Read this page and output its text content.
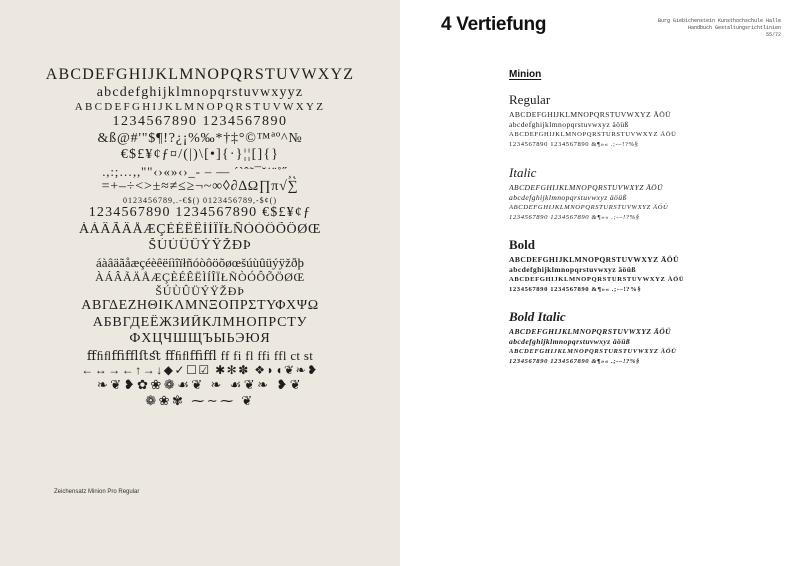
ABCDEFGHIJKLMNOPQRSTUVWXYZ
abcdefghijklmnopqrstuvwxyyz
ABCDEFGHIJKLMNOPQRSTUVWXYZ
1234567890 1234567890
&ß@#'"$¶!?¿¡%‰*†‡°©™ªº^№
€$£¥¢ƒ¤/(|)\[•]{·}¦¦[]{}
.,:;…,,""‹›«»‹›_- – — ´`ˆ˜¯˘˙¨˚˝¸˛
=+–÷<>±≈≠≤≥¬~∞◊∂∆Ω∏π√∑
0123456789,.-€$() 0123456789,-$¢()
1234567890 1234567890 €$£¥¢ƒ
ÀÁÂÃÄÅÆÇÈÉÊËÌÍÎÏŁÑÒÓÔÕÖØŒ
ŠÚÙÛÜÝŸŽÐÞ
áàâäãåæçéèêëíìîïłñóòôöõøœšúùûüýÿžðþ
ÀÁÂÃÄÅÆÇÈÉÊËÌÍÎÏŁÑÒÓÔÕÖØŒ
ŠÚÙÛÜÝŸŽÐÞ
ΑΒΓΔΕΖΗΘΙΚΛΜΝΞΟΠΡΣΤΥΦΧΨΩ
АБВГДЕЁЖЗИЙКЛМНОПРСТУ
ФХЦЧШЩЪЫЬЭЮЯ
ﬀﬁﬂﬃﬄﬅﬆ ﬀﬁﬂﬃﬄ ff fi fl ffi ffl ct st
←↔→←↑→↓◆✓☐☑ ✱✻✽ ❖◗◖❦❧❥
❧❦❥✿❀❁☙❦ ❧ ☙❦❧ ❥❦
❁❀✾ ⁓∼⁓ ❦
Zeichensatz Minion Pro Regular
4 Vertiefung	Burg Giebichenstein Kunsthochschule Halle
Handbuch Gestaltungsrichtlinien
55/72
Minion
Regular
ABCDEFGHIJKLMNOPQRSTUVWXYZ ÄÖÜ
abcdefghijklmnopqrstuvwxyz äöüß
ABCDEFGHIJKLMNOPQRSTURSTUVWXYZ ÄÖÜ
1234567890 1234567890 &¶»« .;-–!?%§
Italic
ABCDEFGHIJKLMNOPQRSTUVWXYZ ÄÖÜ
abcdefghijklmnopqrstuvwxyz äöüß
ABCDEFGHIJKLMNOPQRSTURSTUVWXYZ ÄÖÜ
1234567890 1234567890 &¶»« .;-–!?%§
Bold
ABCDEFGHIJKLMNOPQRSTUVWXYZ ÄÖÜ
abcdefghijklmnopqrstuvwxyz äöüß
ABCDEFGHIJKLMNOPQRSTURSTUVWXYZ ÄÖÜ
1234567890 1234567890 &¶»« .;-–!?%§
Bold Italic
ABCDEFGHIJKLMNOPQRSTUVWXYZ ÄÖÜ
abcdefghijklmnopqrstuvwxyz äöüß
ABCDEFGHIJKLMNOPQRSTURSTUVWXYZ ÄÖÜ
1234567890 1234567890 &¶»« .;-–!?%§
